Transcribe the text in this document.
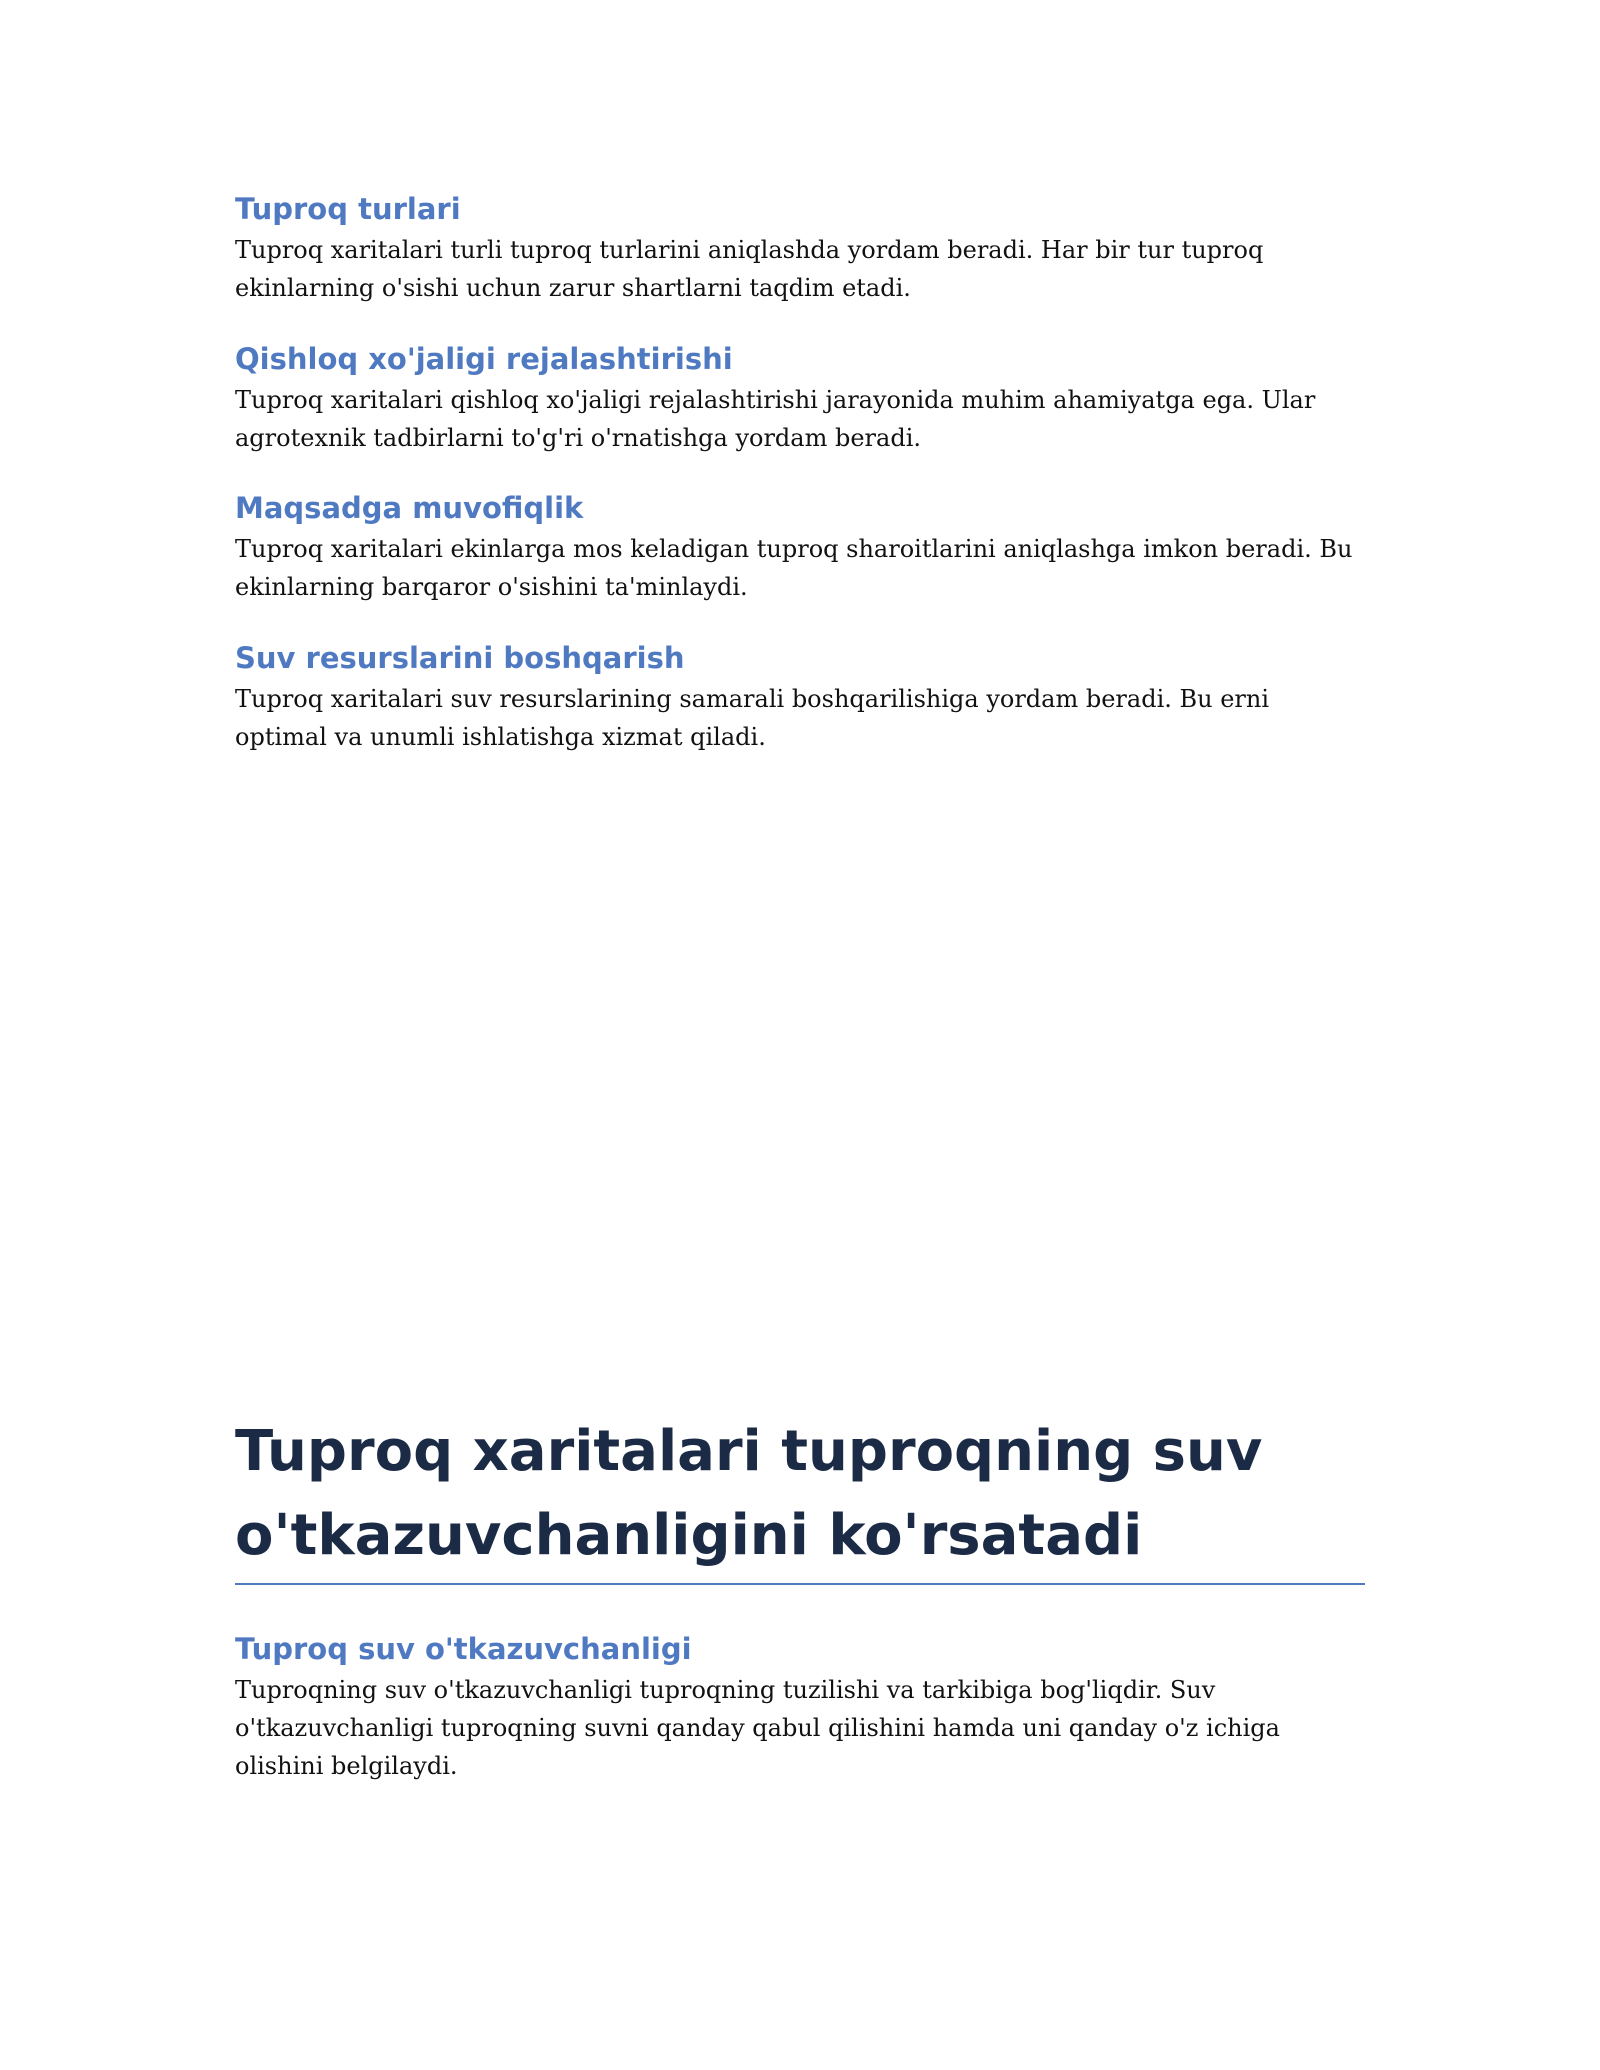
Tuproq turlari

Tuproq xaritalari turli tuproq turlarini aniqlashda yordam beradi. Har bir tur tuproq ekinlarning o'sishi uchun zarur shartlarni taqdim etadi.

Qishloq xo'jaligi rejalashtirishi

Tuproq xaritalari qishloq xo'jaligi rejalashtirishi jarayonida muhim ahamiyatga ega. Ular agrotexnik tadbirlarni to'g'ri o'rnatishga yordam beradi.

Maqsadga muvofiqlik

Tuproq xaritalari ekinlarga mos keladigan tuproq sharoitlarini aniqlashga imkon beradi. Bu ekinlarning barqaror o'sishini ta'minlaydi.

Suv resurslarini boshqarish

Tuproq xaritalari suv resurslarining samarali boshqarilishiga yordam beradi. Bu erni optimal va unumli ishlatishga xizmat qiladi.

Tuproq xaritalari tuproqning suv o'tkazuvchanligini ko'rsatadi
Tuproq suv o'tkazuvchanligi

Tuproqning suv o'tkazuvchanligi tuproqning tuzilishi va tarkibiga bog'liqdir. Suv o'tkazuvchanligi tuproqning suvni qanday qabul qilishini hamda uni qanday o'z ichiga olishini belgilaydi.
